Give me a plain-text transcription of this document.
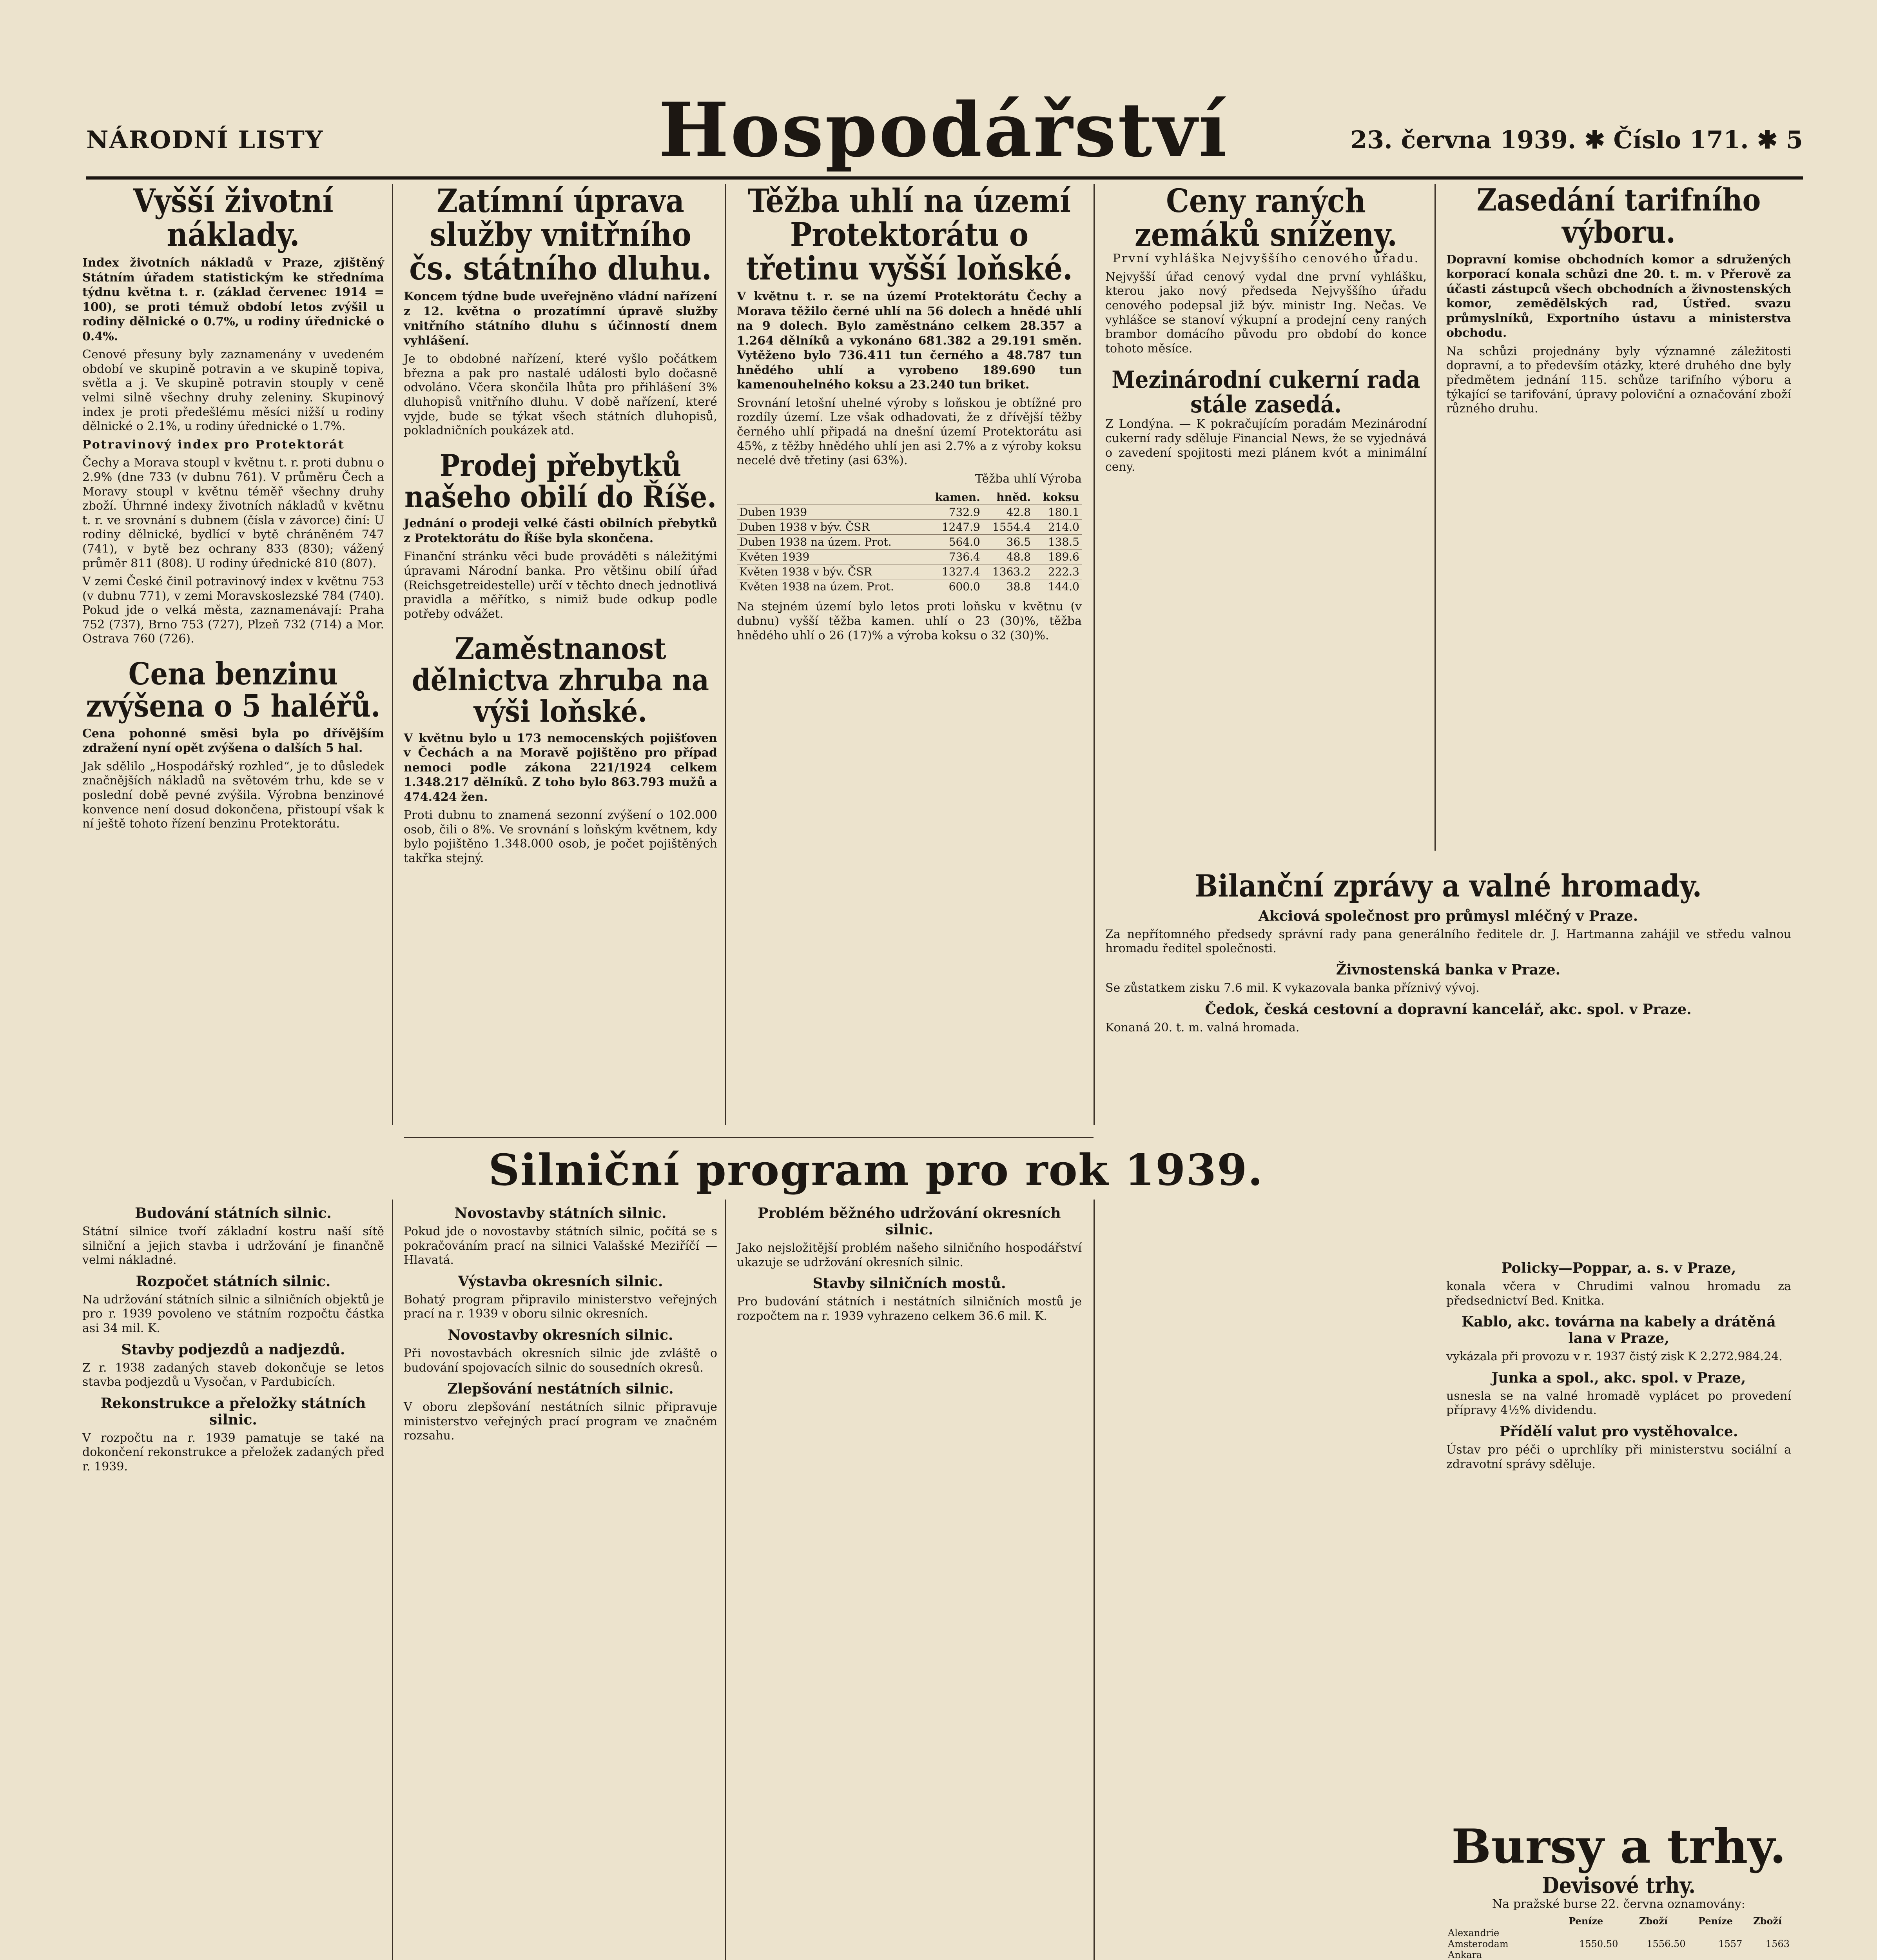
NÁRODNÍ LISTY	Hospodářství	23. června 1939. ✱ Číslo 171. ✱ 5
Vyšší životní náklady.
Index životních nákladů v Praze, zjištěný Státním úřadem statistickým ke středníma týdnu května t. r. (základ červenec 1914 = 100), se proti témuž období letos zvýšil u rodiny dělnické o 0.7%, u rodiny úřednické o 0.4%.
Cenové přesuny byly zaznamenány v uvedeném období ve skupině potravin a ve skupině topiva, světla a j. Ve skupině potravin stouply v ceně velmi silně všechny druhy zeleniny. Skupinový index je proti předešlému měsíci nižší u rodiny dělnické o 2.1%, u rodiny úřednické o 1.7%.
Potravinový index pro Protektorát
Čechy a Morava stoupl v květnu t. r. proti dubnu o 2.9% (dne 733 (v dubnu 761). V průměru Čech a Moravy stoupl v květnu téměř všechny druhy zboží. Úhrnné indexy životních nákladů v květnu t. r. ve srovnání s dubnem (čísla v závorce) činí: U rodiny dělnické, bydlící v bytě chráněném 747 (741), v bytě bez ochrany 833 (830); vážený průměr 811 (808). U rodiny úřednické 810 (807).
V zemi České činil potravinový index v květnu 753 (v dubnu 771), v zemi Moravskoslezské 784 (740). Pokud jde o velká města, zaznamenávají: Praha 752 (737), Brno 753 (727), Plzeň 732 (714) a Mor. Ostrava 760 (726).
Cena benzinu zvýšena o 5 haléřů.
Cena pohonné směsi byla po dřívějším zdražení nyní opět zvýšena o dalších 5 hal.
Jak sdělilo „Hospodářský rozhled“, je to důsledek značnějších nákladů na světovém trhu, kde se v poslední době pevné zvýšila. Výrobna benzinové konvence není dosud dokončena, přistoupí však k ní ještě tohoto řízení benzinu Protektorátu.
Zatímní úprava služby vnitřního čs. státního dluhu.
Koncem týdne bude uveřejněno vládní nařízení z 12. května o prozatímní úpravě služby vnitřního státního dluhu s účinností dnem vyhlášení.
Je to obdobné nařízení, které vyšlo počátkem března a pak pro nastalé události bylo dočasně odvoláno. Včera skončila lhůta pro přihlášení 3% dluhopisů vnitřního dluhu. V době nařízení, které vyjde, bude se týkat všech státních dluhopisů, pokladničních poukázek atd.
Prodej přebytků našeho obilí do Říše.
Jednání o prodeji velké části obilních přebytků z Protektorátu do Říše byla skončena.
Finanční stránku věci bude prováděti s náležitými úpravami Národní banka. Pro většinu obilí úřad (Reichsgetreidestelle) určí v těchto dnech jednotlivá pravidla a měřítko, s nimiž bude odkup podle potřeby odvážet.
Zaměstnanost dělnictva zhruba na výši loňské.
V květnu bylo u 173 nemocenských pojišťoven v Čechách a na Moravě pojištěno pro případ nemoci podle zákona 221/1924 celkem 1.348.217 dělníků. Z toho bylo 863.793 mužů a 474.424 žen.
Proti dubnu to znamená sezonní zvýšení o 102.000 osob, čili o 8%. Ve srovnání s loňským květnem, kdy bylo pojištěno 1.348.000 osob, je počet pojištěných takřka stejný.
Těžba uhlí na území Protektorátu o třetinu vyšší loňské.
V květnu t. r. se na území Protektorátu Čechy a Morava těžilo černé uhlí na 56 dolech a hnědé uhlí na 9 dolech. Bylo zaměstnáno celkem 28.357 a 1.264 dělníků a vykonáno 681.382 a 29.191 směn. Vytěženo bylo 736.411 tun černého a 48.787 tun hnědého uhlí a vyrobeno 189.690 tun kamenouhelného koksu a 23.240 tun briket.
Srovnání letošní uhelné výroby s loňskou je obtížné pro rozdíly území. Lze však odhadovati, že z dřívější těžby černého uhlí připadá na dnešní území Protektorátu asi 45%, z těžby hnědého uhlí jen asi 2.7% a z výroby koksu necelé dvě třetiny (asi 63%).
Těžba uhlí Výroba
	kamen.	hněd.	koksu
Duben 1939	732.9	42.8	180.1
Duben 1938 v býv. ČSR	1247.9	1554.4	214.0
Duben 1938 na územ. Prot.	564.0	36.5	138.5
Květen 1939	736.4	48.8	189.6
Květen 1938 v býv. ČSR	1327.4	1363.2	222.3
Květen 1938 na územ. Prot.	600.0	38.8	144.0
Na stejném území bylo letos proti loňsku v květnu (v dubnu) vyšší těžba kamen. uhlí o 23 (30)%, těžba hnědého uhlí o 26 (17)% a výroba koksu o 32 (30)%.
Ceny raných zemáků sníženy.
První vyhláška Nejvyššího cenového úřadu.
Nejvyšší úřad cenový vydal dne první vyhlášku, kterou jako nový předseda Nejvyššího úřadu cenového podepsal již býv. ministr Ing. Nečas. Ve vyhlášce se stanoví výkupní a prodejní ceny raných brambor domácího původu pro období do konce tohoto měsíce.
Mezinárodní cukerní rada stále zasedá.
Z Londýna. — K pokračujícím poradám Mezinárodní cukerní rady sděluje Financial News, že se vyjednává o zavedení spojitosti mezi plánem kvót a minimální ceny.
Zasedání tarifního výboru.
Dopravní komise obchodních komor a sdružených korporací konala schůzi dne 20. t. m. v Přerově za účasti zástupců všech obchodních a živnostenských komor, zemědělských rad, Ústřed. svazu průmyslníků, Exportního ústavu a ministerstva obchodu.
Na schůzi projednány byly významné záležitosti dopravní, a to především otázky, které druhého dne byly předmětem jednání 115. schůze tarifního výboru a týkající se tarifování, úpravy poloviční a označování zboží různého druhu.
Bilanční zprávy a valné hromady.
Akciová společnost pro průmysl mléčný v Praze.
Za nepřítomného předsedy správní rady pana generálního ředitele dr. J. Hartmanna zahájil ve středu valnou hromadu ředitel společnosti.
Živnostenská banka v Praze.
Se zůstatkem zisku 7.6 mil. K vykazovala banka příznivý vývoj.
Čedok, česká cestovní a dopravní kancelář, akc. spol. v Praze.
Konaná 20. t. m. valná hromada.
Silniční program pro rok 1939.
Budování státních silnic.
Státní silnice tvoří základní kostru naší sítě silniční a jejich stavba i udržování je finančně velmi nákladné.
Rozpočet státních silnic.
Na udržování státních silnic a silničních objektů je pro r. 1939 povoleno ve státním rozpočtu částka asi 34 mil. K.
Stavby podjezdů a nadjezdů.
Z r. 1938 zadaných staveb dokončuje se letos stavba podjezdů u Vysočan, v Pardubicích.
Rekonstrukce a přeložky státních silnic.
V rozpočtu na r. 1939 pamatuje se také na dokončení rekonstrukce a přeložek zadaných před r. 1939.
Novostavby státních silnic.
Pokud jde o novostavby státních silnic, počítá se s pokračováním prací na silnici Valašské Meziříčí — Hlavatá.
Výstavba okresních silnic.
Bohatý program připravilo ministerstvo veřejných prací na r. 1939 v oboru silnic okresních.
Novostavby okresních silnic.
Při novostavbách okresních silnic jde zvláště o budování spojovacích silnic do sousedních okresů.
Zlepšování nestátních silnic.
V oboru zlepšování nestátních silnic připravuje ministerstvo veřejných prací program ve značném rozsahu.
Problém běžného udržování okresních silnic.
Jako nejsložitější problém našeho silničního hospodářství ukazuje se udržování okresních silnic.
Stavby silničních mostů.
Pro budování státních i nestátních silničních mostů je rozpočtem na r. 1939 vyhrazeno celkem 36.6 mil. K.
Policky—Poppar, a. s. v Praze,
konala včera v Chrudimi valnou hromadu za předsednictví Bed. Knitka.
Kablo, akc. továrna na kabely a drátěná lana v Praze,
vykázala při provozu v r. 1937 čistý zisk K 2.272.984.24.
Junka a spol., akc. spol. v Praze,
usnesla se na valné hromadě vyplácet po provedení přípravy 4½% dividendu.
Přídělí valut pro vystěhovalce.
Ústav pro péči o uprchlíky při ministerstvu sociální a zdravotní správy sděluje.
Bursy a trhy.
Devisové trhy.
Na pražské burse 22. června oznamovány:
	Peníze	Zboží	Peníze	Zboží
Alexandrie				
Amsterodam	1550.50	1556.50	1557	1563
Ankara				
